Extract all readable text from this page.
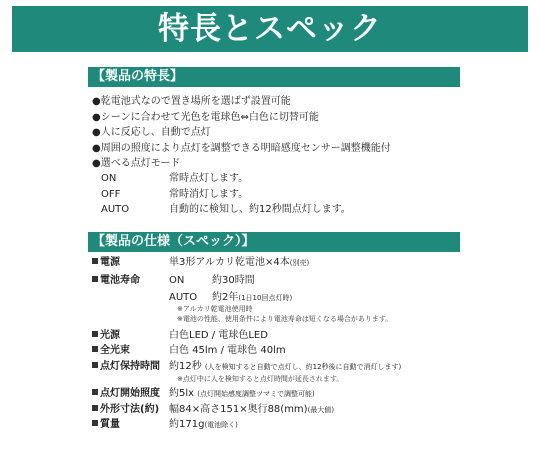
特長とスペック
【製品の特長】
●乾電池式なので置き場所を選ばず設置可能
●シーンに合わせて光色を電球色⇔白色に切替可能
●人に反応し、自動で点灯
●周囲の照度により点灯を調整できる明暗感度センサー調整機能付
●選べる点灯モード
ON	常時点灯します。
OFF	常時消灯します。
AUTO	自動的に検知し、約12秒間点灯します。
【製品の仕様（スペック）】
電源	単3形アルカリ乾電池×4本(別売)
電池寿命	ON	約30時間
AUTO 約2年(1日10回点灯時)
※アルカリ乾電池使用時
※電池の性能、使用条件により電池寿命は短くなる場合があります。
光源	白色LED / 電球色LED
全光束	白色 45lm / 電球色 40lm
点灯保持時間 約12秒 (人を検知すると自動で点灯し、約12秒後に自動で消灯します)
※点灯中に人を検知すると点灯時間が延長されます。
点灯開始照度 約5lx (点灯開始感度調整ツマミで調整可能)
外形寸法(約) 幅84×高さ151×奥行88(mm)(最大値)
質量	約171g(電池除く)
